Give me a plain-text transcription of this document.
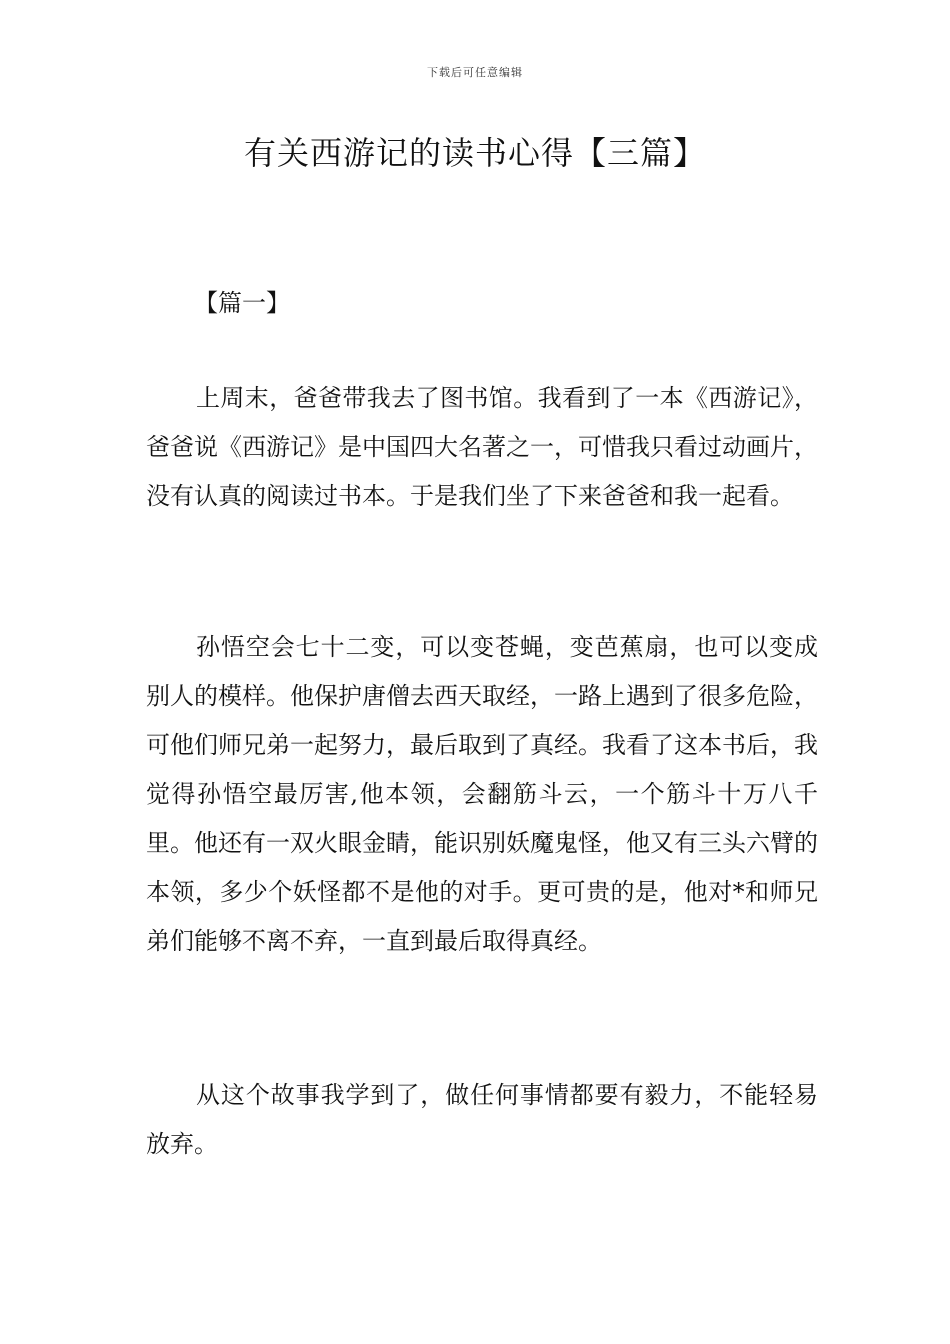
下载后可任意编辑
有关西游记的读书心得【三篇】
【篇一】

上周末，爸爸带我去了图书馆。我看到了一本《西游记》，爸爸说《西游记》是中国四大名著之一，可惜我只看过动画片，没有认真的阅读过书本。于是我们坐了下来爸爸和我一起看。

孙悟空会七十二变，可以变苍蝇，变芭蕉扇，也可以变成别人的模样。他保护唐僧去西天取经，一路上遇到了很多危险，可他们师兄弟一起努力，最后取到了真经。我看了这本书后，我觉得孙悟空最厉害,他本领，会翻筋斗云，一个筋斗十万八千里。他还有一双火眼金睛，能识别妖魔鬼怪，他又有三头六臂的本领，多少个妖怪都不是他的对手。更可贵的是，他对*和师兄弟们能够不离不弃，一直到最后取得真经。

从这个故事我学到了，做任何事情都要有毅力，不能轻易放弃。
